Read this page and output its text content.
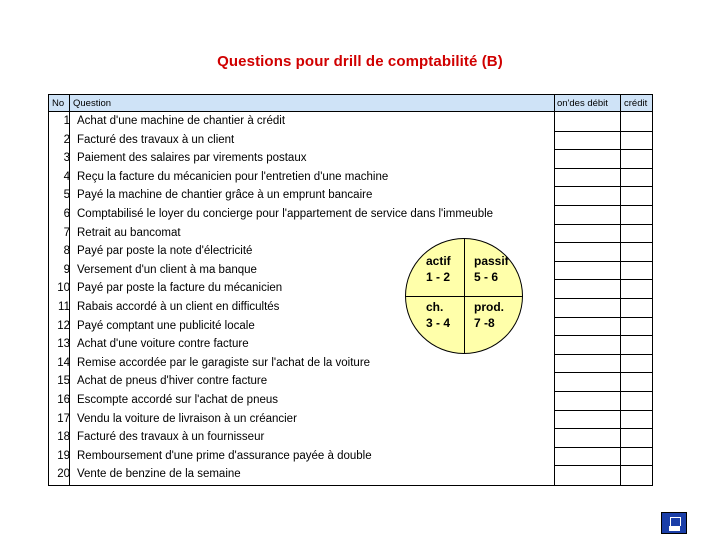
Questions pour drill de comptabilité (B)
No Question	on'des débit crédit
1 Achat d'une machine de chantier à crédit
2 Facturé des travaux à un client
3 Paiement des salaires par virements postaux
4 Reçu la facture du mécanicien pour l'entretien d'une machine
5 Payé la machine de chantier grâce à un emprunt bancaire
6 Comptabilisé le loyer du concierge pour l'appartement de service dans l'immeuble
7 Retrait au bancomat
8 Payé par poste la note d'électricité
9 Versement d'un client à ma banque
10 Payé par poste la facture du mécanicien
11 Rabais accordé à un client en difficultés
12 Payé comptant une publicité locale
13 Achat d'une voiture contre facture
14 Remise accordée par le garagiste sur l'achat de la voiture
15 Achat de pneus d'hiver contre facture
16 Escompte accordé sur l'achat de pneus
17 Vendu la voiture de livraison à un créancier
18 Facturé des travaux à un fournisseur
19 Remboursement d'une prime d'assurance payée à double
20 Vente de benzine de la semaine
actif
1 - 2
passif
5 - 6
ch.
3 - 4
prod.
7 -8
